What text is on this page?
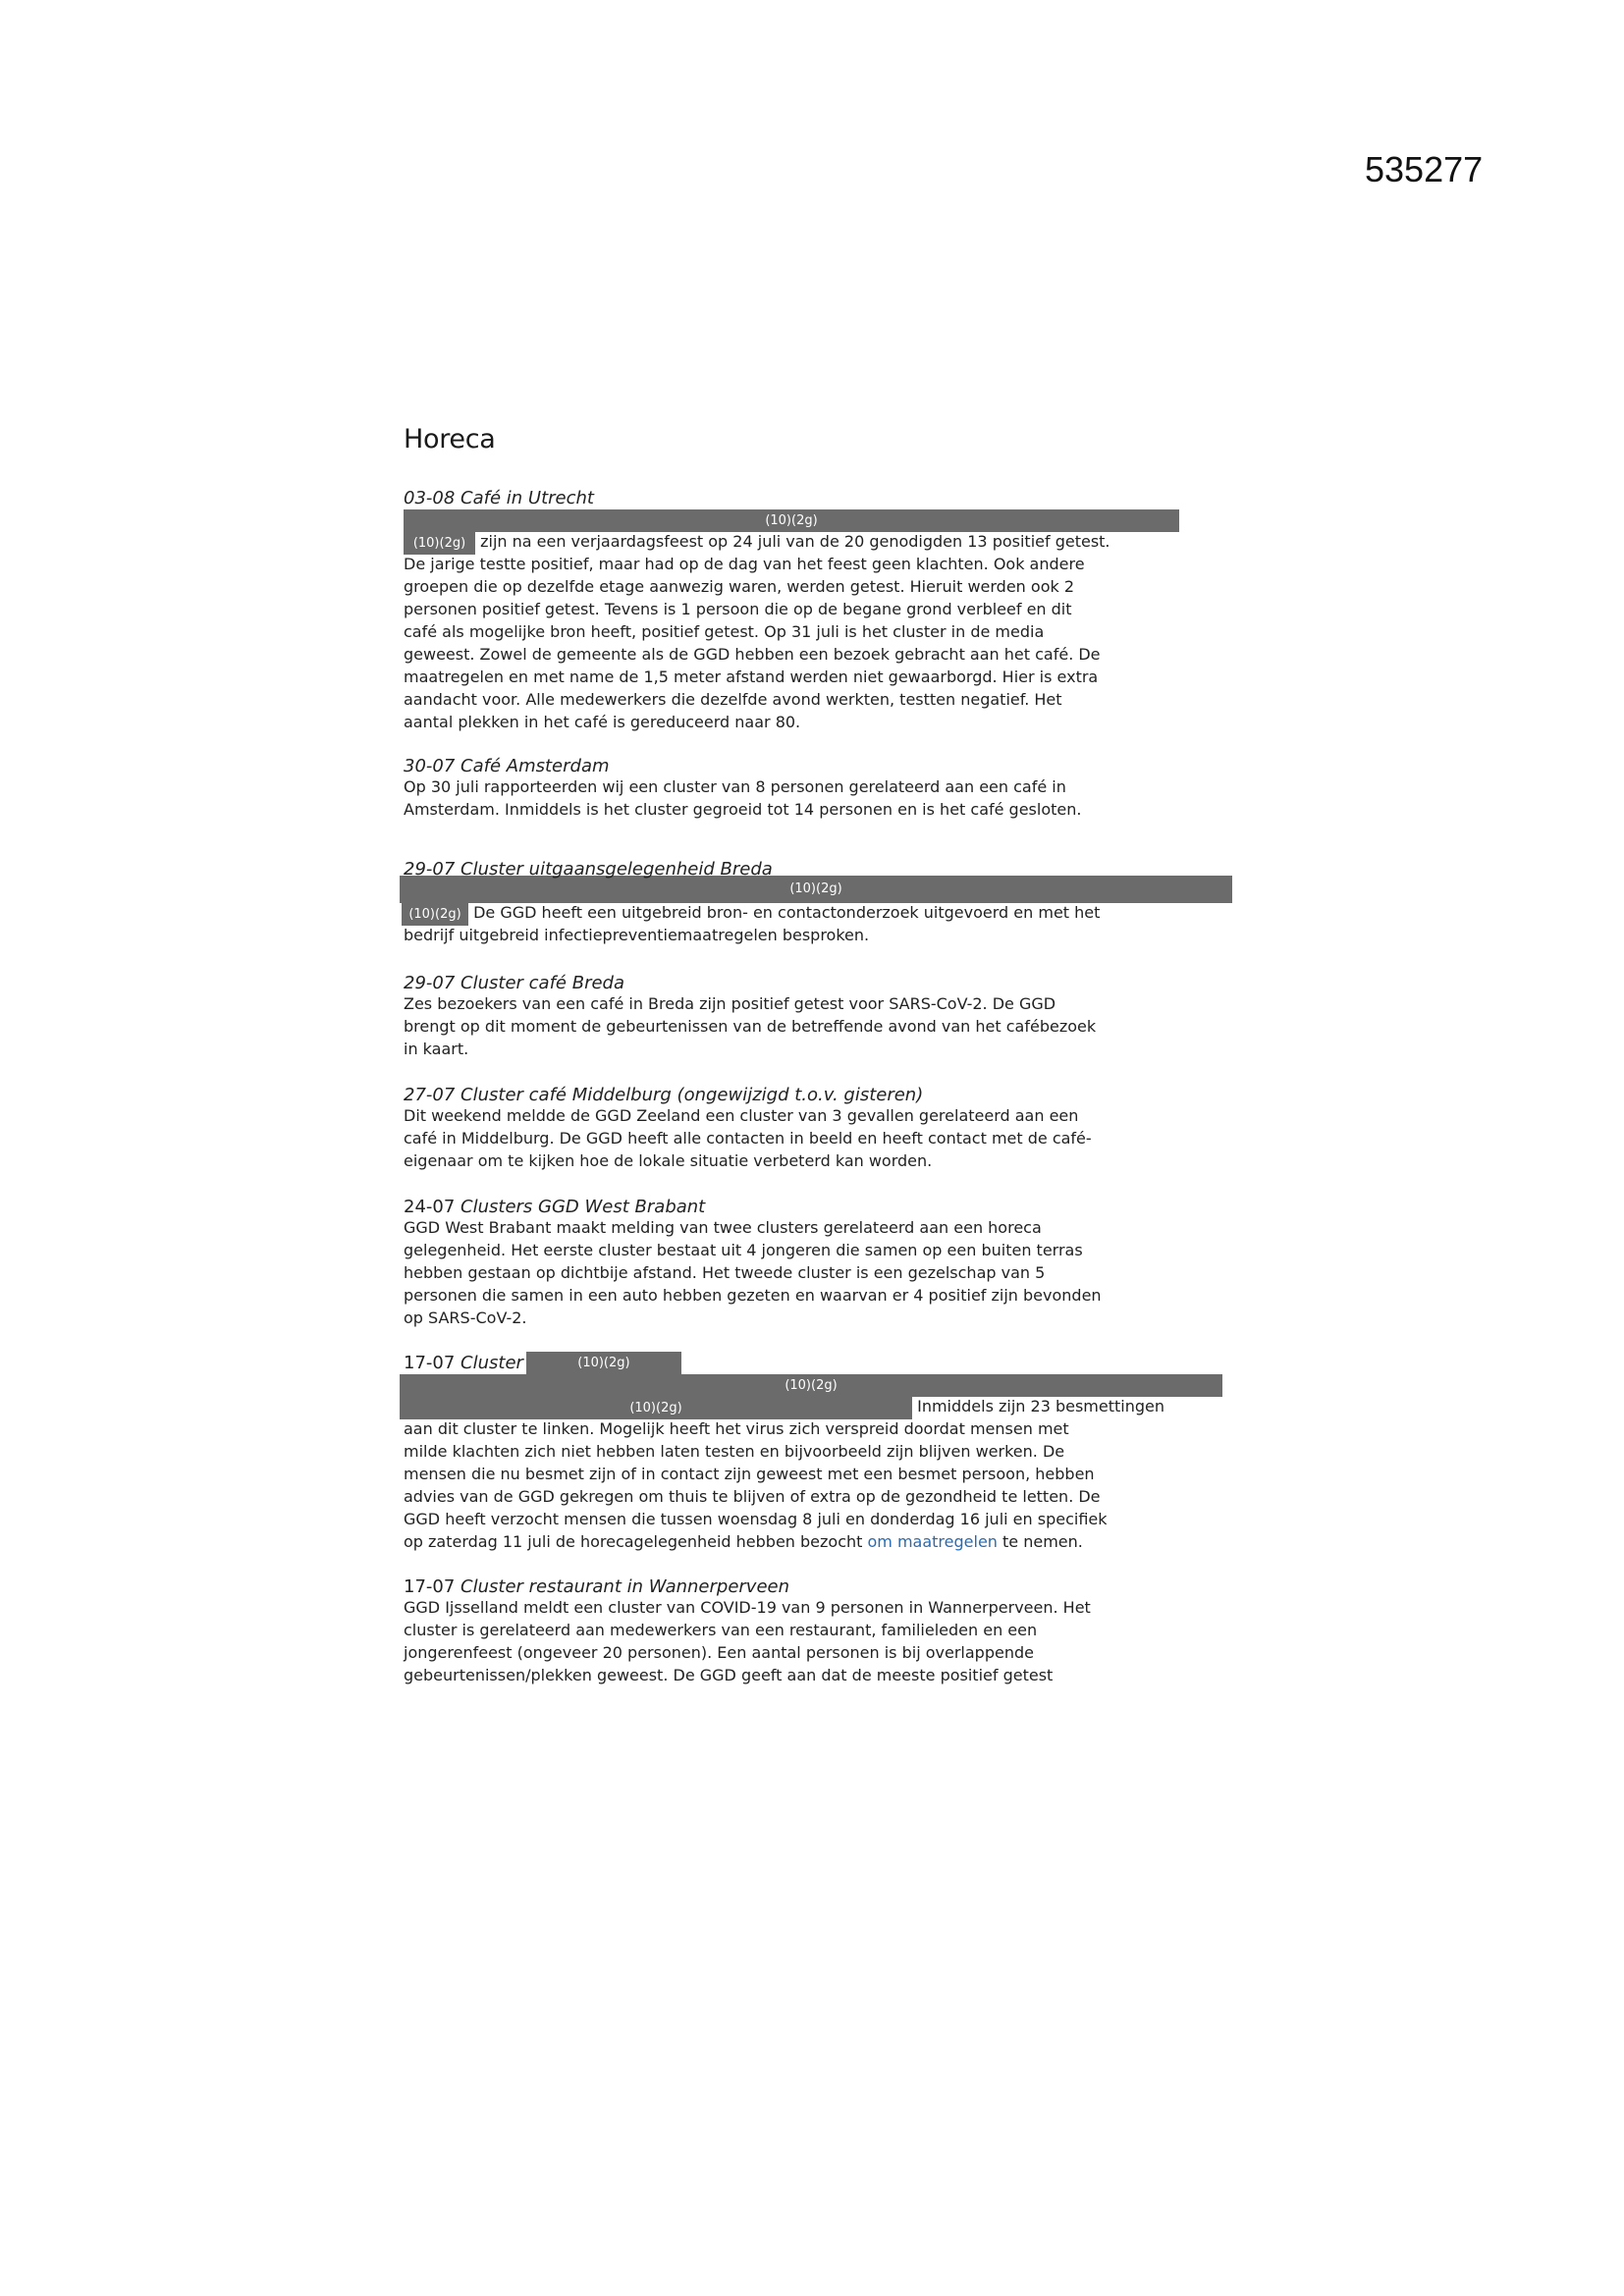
535277
Horeca
03-08 Café in Utrecht
(10)(2g)
(10)(2g) zijn na een verjaardagsfeest op 24 juli van de 20 genodigden 13 positief getest.
De jarige testte positief, maar had op de dag van het feest geen klachten. Ook andere
groepen die op dezelfde etage aanwezig waren, werden getest. Hieruit werden ook 2
personen positief getest. Tevens is 1 persoon die op de begane grond verbleef en dit
café als mogelijke bron heeft, positief getest. Op 31 juli is het cluster in de media
geweest. Zowel de gemeente als de GGD hebben een bezoek gebracht aan het café. De
maatregelen en met name de 1,5 meter afstand werden niet gewaarborgd. Hier is extra
aandacht voor. Alle medewerkers die dezelfde avond werkten, testten negatief. Het
aantal plekken in het café is gereduceerd naar 80.
30-07 Café Amsterdam
Op 30 juli rapporteerden wij een cluster van 8 personen gerelateerd aan een café in
Amsterdam. Inmiddels is het cluster gegroeid tot 14 personen en is het café gesloten.
29-07 Cluster uitgaansgelegenheid Breda
(10)(2g)
(10)(2g) De GGD heeft een uitgebreid bron- en contactonderzoek uitgevoerd en met het
bedrijf uitgebreid infectiepreventiemaatregelen besproken.
29-07 Cluster café Breda
Zes bezoekers van een café in Breda zijn positief getest voor SARS-CoV-2. De GGD
brengt op dit moment de gebeurtenissen van de betreffende avond van het cafébezoek
in kaart.
27-07 Cluster café Middelburg (ongewijzigd t.o.v. gisteren)
Dit weekend meldde de GGD Zeeland een cluster van 3 gevallen gerelateerd aan een
café in Middelburg. De GGD heeft alle contacten in beeld en heeft contact met de café-
eigenaar om te kijken hoe de lokale situatie verbeterd kan worden.
24-07 Clusters GGD West Brabant
GGD West Brabant maakt melding van twee clusters gerelateerd aan een horeca
gelegenheid. Het eerste cluster bestaat uit 4 jongeren die samen op een buiten terras
hebben gestaan op dichtbije afstand. Het tweede cluster is een gezelschap van 5
personen die samen in een auto hebben gezeten en waarvan er 4 positief zijn bevonden
op SARS-CoV-2.
17-07 Cluster	(10)(2g)
(10)(2g)
(10)(2g)	Inmiddels zijn 23 besmettingen
aan dit cluster te linken. Mogelijk heeft het virus zich verspreid doordat mensen met
milde klachten zich niet hebben laten testen en bijvoorbeeld zijn blijven werken. De
mensen die nu besmet zijn of in contact zijn geweest met een besmet persoon, hebben
advies van de GGD gekregen om thuis te blijven of extra op de gezondheid te letten. De
GGD heeft verzocht mensen die tussen woensdag 8 juli en donderdag 16 juli en specifiek
op zaterdag 11 juli de horecagelegenheid hebben bezocht om maatregelen te nemen.
17-07 Cluster restaurant in Wannerperveen
GGD Ijsselland meldt een cluster van COVID-19 van 9 personen in Wannerperveen. Het
cluster is gerelateerd aan medewerkers van een restaurant, familieleden en een
jongerenfeest (ongeveer 20 personen). Een aantal personen is bij overlappende
gebeurtenissen/plekken geweest. De GGD geeft aan dat de meeste positief getest
